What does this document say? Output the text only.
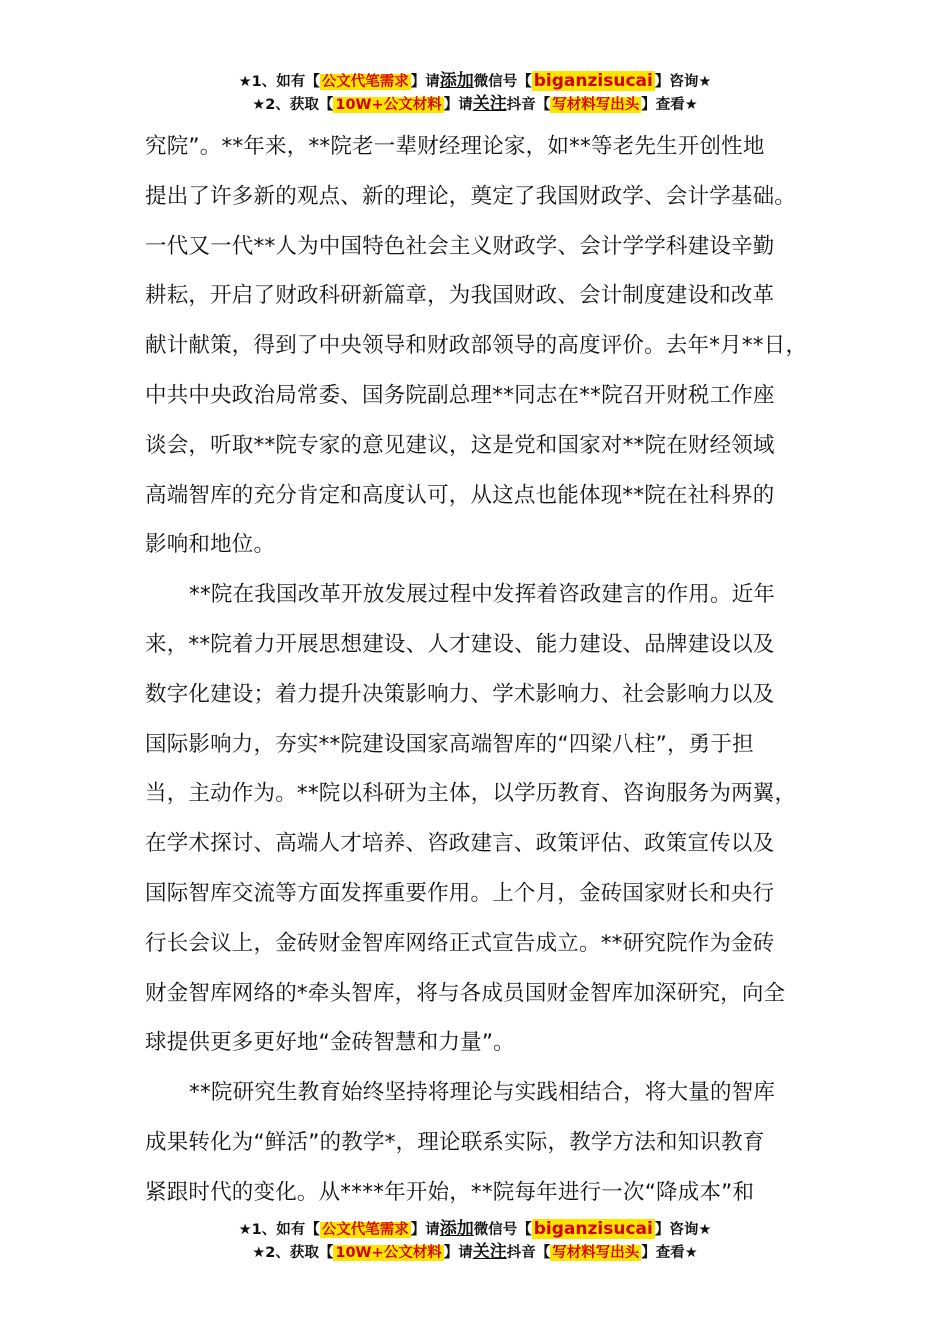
★1、如有【 公文代笔需求 】请添加微信号【 biganzisucai 】咨询★
★2、获取【 10W+公文材料 】请关注抖音【 写材料写出头 】查看★
究院”。**年来，**院老一辈财经理论家，如**等老先生开创性地
提出了许多新的观点、新的理论，奠定了我国财政学、会计学基础。
一代又一代**人为中国特色社会主义财政学、会计学学科建设辛勤
耕耘，开启了财政科研新篇章，为我国财政、会计制度建设和改革
献计献策，得到了中央领导和财政部领导的高度评价。去年*月**日，
中共中央政治局常委、国务院副总理**同志在**院召开财税工作座
谈会，听取**院专家的意见建议，这是党和国家对**院在财经领域
高端智库的充分肯定和高度认可，从这点也能体现**院在社科界的
影响和地位。
**院在我国改革开放发展过程中发挥着咨政建言的作用。近年
来，**院着力开展思想建设、人才建设、能力建设、品牌建设以及
数字化建设；着力提升决策影响力、学术影响力、社会影响力以及
国际影响力，夯实**院建设国家高端智库的“四梁八柱”，勇于担
当，主动作为。**院以科研为主体，以学历教育、咨询服务为两翼，
在学术探讨、高端人才培养、咨政建言、政策评估、政策宣传以及
国际智库交流等方面发挥重要作用。上个月，金砖国家财长和央行
行长会议上，金砖财金智库网络正式宣告成立。**研究院作为金砖
财金智库网络的*牵头智库，将与各成员国财金智库加深研究，向全
球提供更多更好地“金砖智慧和力量”。
**院研究生教育始终坚持将理论与实践相结合，将大量的智库
成果转化为“鲜活”的教学*，理论联系实际，教学方法和知识教育
紧跟时代的变化。从****年开始，**院每年进行一次“降成本”和
★1、如有【 公文代笔需求 】请添加微信号【 biganzisucai 】咨询★
★2、获取【 10W+公文材料 】请关注抖音【 写材料写出头 】查看★
